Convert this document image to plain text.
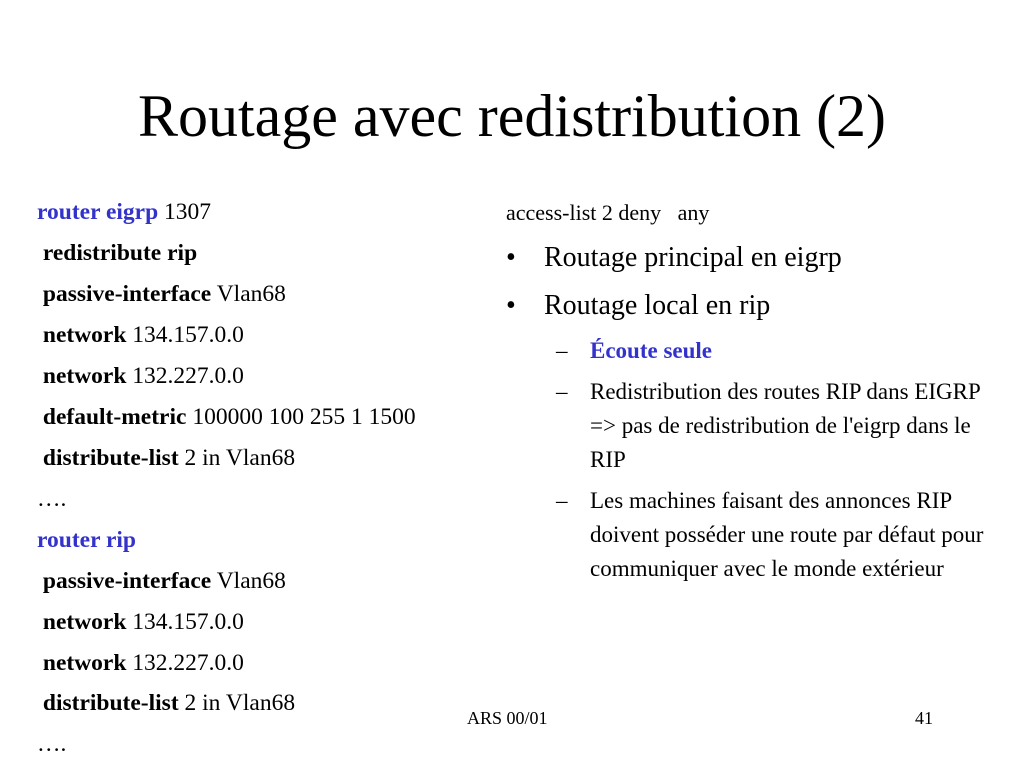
Routage avec redistribution (2)
router eigrp 1307
redistribute rip
passive-interface Vlan68
network 134.157.0.0
network 132.227.0.0
default-metric 100000 100 255 1 1500
distribute-list 2 in Vlan68
….
router rip
passive-interface Vlan68
network 134.157.0.0
network 132.227.0.0
distribute-list 2 in Vlan68
….
access-list 2 deny   any
• Routage principal en eigrp
• Routage local en rip
– Écoute seule
– Redistribution des routes RIP dans EIGRP => pas de redistribution de l'eigrp dans le RIP
– Les machines faisant des annonces RIP doivent posséder une route par défaut pour communiquer avec le monde extérieur
ARS 00/01	41
